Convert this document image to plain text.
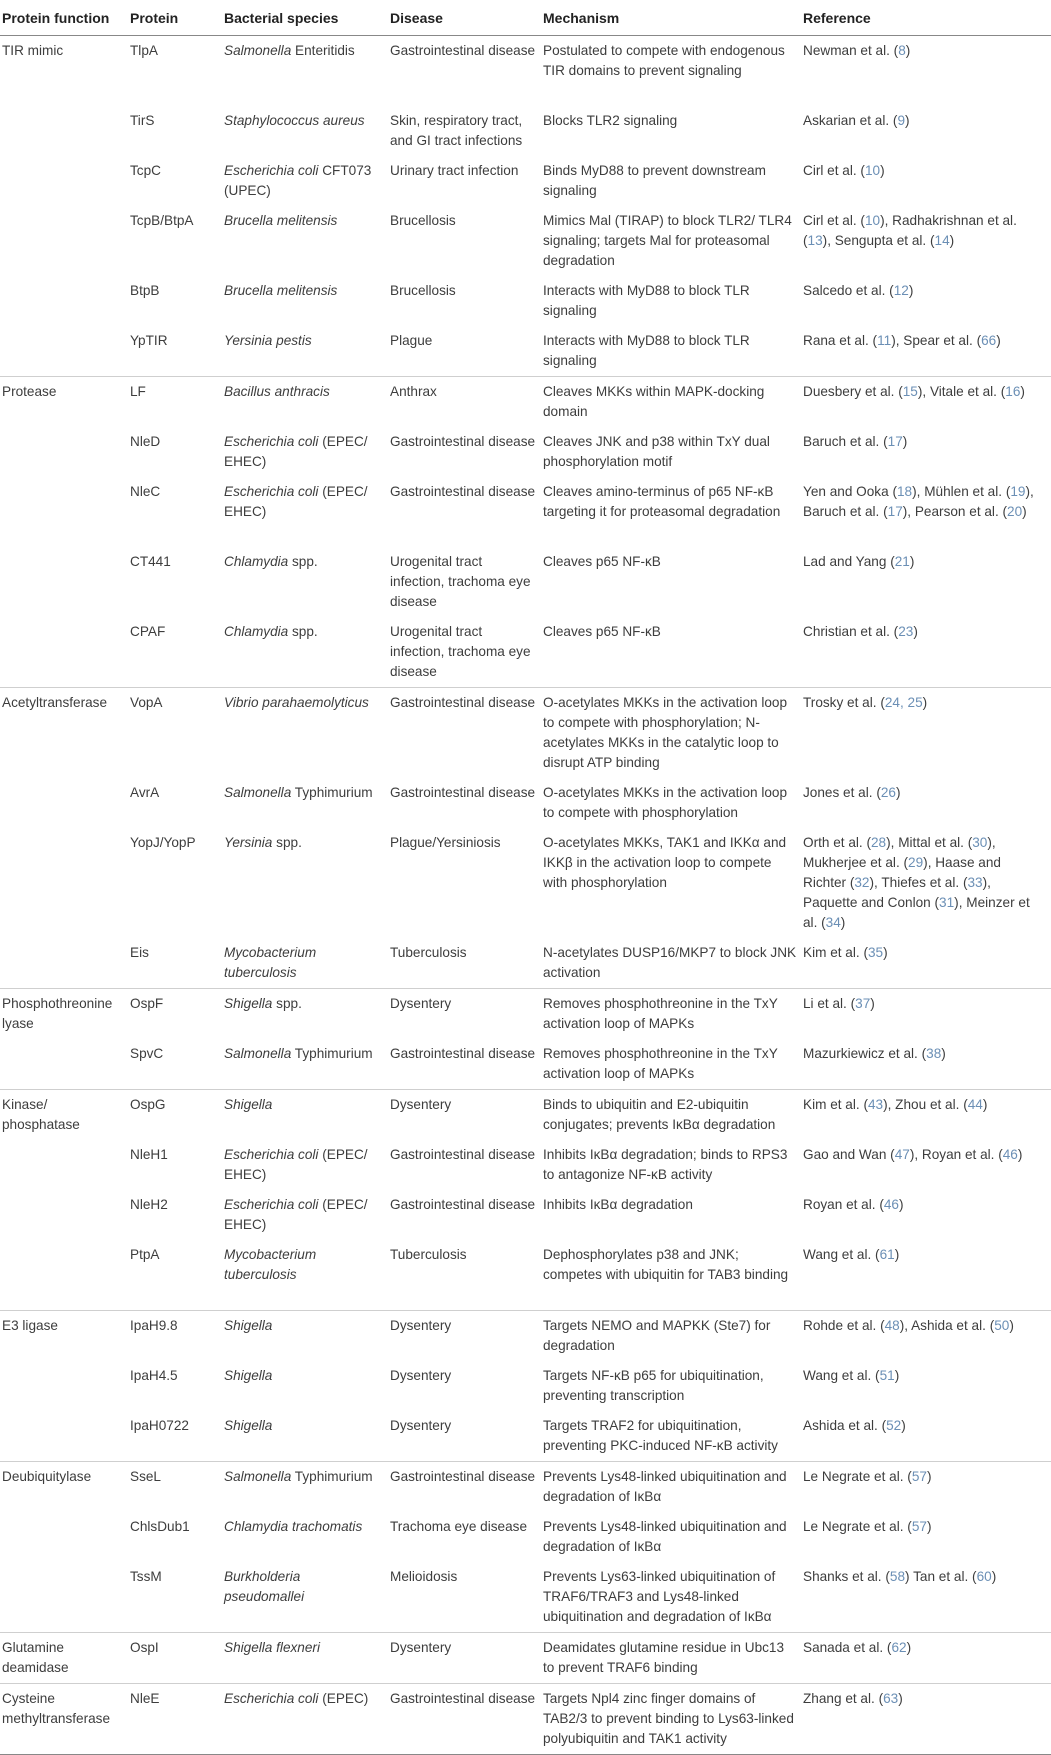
Protein function	Protein	Bacterial species	Disease	Mechanism	Reference
TIR mimic	TlpA	Salmonella Enteritidis	Gastrointestinal disease	Postulated to compete with endogenous TIR domains to prevent signaling	Newman et al. (8)
	TirS	Staphylococcus aureus	Skin, respiratory tract, and GI tract infections	Blocks TLR2 signaling	Askarian et al. (9)
	TcpC	Escherichia coli CFT073 (UPEC)	Urinary tract infection	Binds MyD88 to prevent downstream signaling	Cirl et al. (10)
	TcpB/BtpA	Brucella melitensis	Brucellosis	Mimics Mal (TIRAP) to block TLR2/ TLR4 signaling; targets Mal for proteasomal degradation	Cirl et al. (10), Radhakrishnan et al. (13), Sengupta et al. (14)
	BtpB	Brucella melitensis	Brucellosis	Interacts with MyD88 to block TLR signaling	Salcedo et al. (12)
	YpTIR	Yersinia pestis	Plague	Interacts with MyD88 to block TLR signaling	Rana et al. (11), Spear et al. (66)
Protease	LF	Bacillus anthracis	Anthrax	Cleaves MKKs within MAPK-docking domain	Duesbery et al. (15), Vitale et al. (16)
	NleD	Escherichia coli (EPEC/ EHEC)	Gastrointestinal disease	Cleaves JNK and p38 within TxY dual phosphorylation motif	Baruch et al. (17)
	NleC	Escherichia coli (EPEC/ EHEC)	Gastrointestinal disease	Cleaves amino-terminus of p65 NF-κB targeting it for proteasomal degradation	Yen and Ooka (18), Mühlen et al. (19), Baruch et al. (17), Pearson et al. (20)
	CT441	Chlamydia spp.	Urogenital tract infection, trachoma eye disease	Cleaves p65 NF-κB	Lad and Yang (21)
	CPAF	Chlamydia spp.	Urogenital tract infection, trachoma eye disease	Cleaves p65 NF-κB	Christian et al. (23)
Acetyltransferase	VopA	Vibrio parahaemolyticus	Gastrointestinal disease	O-acetylates MKKs in the activation loop to compete with phosphorylation; N-acetylates MKKs in the catalytic loop to disrupt ATP binding	Trosky et al. (24, 25)
	AvrA	Salmonella Typhimurium	Gastrointestinal disease	O-acetylates MKKs in the activation loop to compete with phosphorylation	Jones et al. (26)
	YopJ/YopP	Yersinia spp.	Plague/Yersiniosis	O-acetylates MKKs, TAK1 and IKKα and IKKβ in the activation loop to compete with phosphorylation	Orth et al. (28), Mittal et al. (30), Mukherjee et al. (29), Haase and Richter (32), Thiefes et al. (33), Paquette and Conlon (31), Meinzer et al. (34)
	Eis	Mycobacterium tuberculosis	Tuberculosis	N-acetylates DUSP16/MKP7 to block JNK activation	Kim et al. (35)
Phosphothreonine lyase	OspF	Shigella spp.	Dysentery	Removes phosphothreonine in the TxY activation loop of MAPKs	Li et al. (37)
	SpvC	Salmonella Typhimurium	Gastrointestinal disease	Removes phosphothreonine in the TxY activation loop of MAPKs	Mazurkiewicz et al. (38)
Kinase/ phosphatase	OspG	Shigella	Dysentery	Binds to ubiquitin and E2-ubiquitin conjugates; prevents IκBα degradation	Kim et al. (43), Zhou et al. (44)
	NleH1	Escherichia coli (EPEC/ EHEC)	Gastrointestinal disease	Inhibits IκBα degradation; binds to RPS3 to antagonize NF-κB activity	Gao and Wan (47), Royan et al. (46)
	NleH2	Escherichia coli (EPEC/ EHEC)	Gastrointestinal disease	Inhibits IκBα degradation	Royan et al. (46)
	PtpA	Mycobacterium tuberculosis	Tuberculosis	Dephosphorylates p38 and JNK; competes with ubiquitin for TAB3 binding	Wang et al. (61)
E3 ligase	IpaH9.8	Shigella	Dysentery	Targets NEMO and MAPKK (Ste7) for degradation	Rohde et al. (48), Ashida et al. (50)
	IpaH4.5	Shigella	Dysentery	Targets NF-κB p65 for ubiquitination, preventing transcription	Wang et al. (51)
	IpaH0722	Shigella	Dysentery	Targets TRAF2 for ubiquitination, preventing PKC-induced NF-κB activity	Ashida et al. (52)
Deubiquitylase	SseL	Salmonella Typhimurium	Gastrointestinal disease	Prevents Lys48-linked ubiquitination and degradation of IκBα	Le Negrate et al. (57)
	ChlsDub1	Chlamydia trachomatis	Trachoma eye disease	Prevents Lys48-linked ubiquitination and degradation of IκBα	Le Negrate et al. (57)
	TssM	Burkholderia pseudomallei	Melioidosis	Prevents Lys63-linked ubiquitination of TRAF6/TRAF3 and Lys48-linked ubiquitination and degradation of IκBα	Shanks et al. (58) Tan et al. (60)
Glutamine deamidase	OspI	Shigella flexneri	Dysentery	Deamidates glutamine residue in Ubc13 to prevent TRAF6 binding	Sanada et al. (62)
Cysteine methyltransferase	NleE	Escherichia coli (EPEC)	Gastrointestinal disease	Targets Npl4 zinc finger domains of TAB2/3 to prevent binding to Lys63-linked polyubiquitin and TAK1 activity	Zhang et al. (63)
